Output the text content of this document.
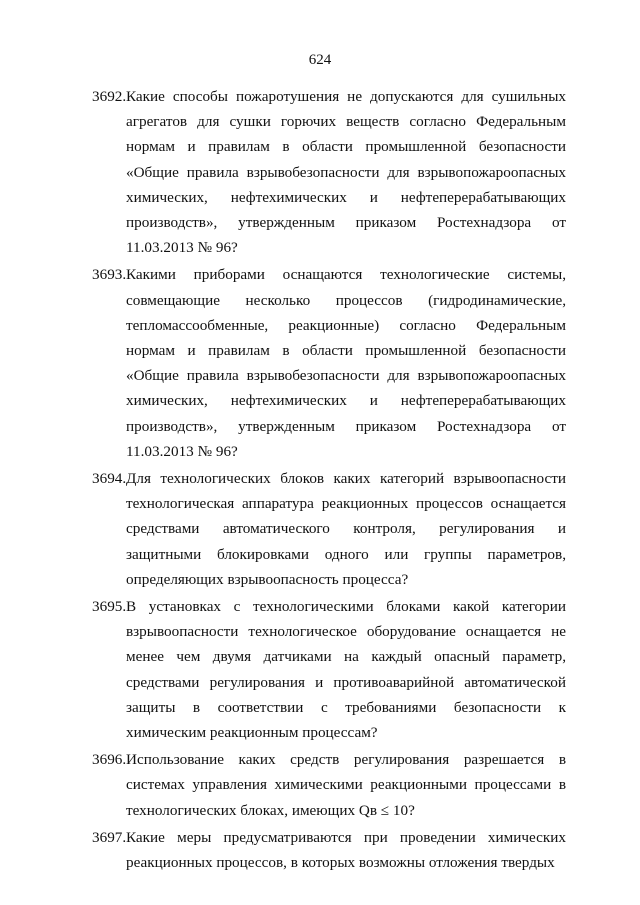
624
3692. Какие способы пожаротушения не допускаются для сушильных агрегатов для сушки горючих веществ согласно Федеральным нормам и правилам в области промышленной безопасности «Общие правила взрывобезопасности для взрывопожароопасных химических, нефтехимических и нефтеперерабатывающих производств», утвержденным приказом Ростехнадзора от 11.03.2013 № 96?
3693. Какими приборами оснащаются технологические системы, совмещающие несколько процессов (гидродинамические, тепломассообменные, реакционные) согласно Федеральным нормам и правилам в области промышленной безопасности «Общие правила взрывобезопасности для взрывопожароопасных химических, нефтехимических и нефтеперерабатывающих производств», утвержденным приказом Ростехнадзора от 11.03.2013 № 96?
3694. Для технологических блоков каких категорий взрывоопасности технологическая аппаратура реакционных процессов оснащается средствами автоматического контроля, регулирования и защитными блокировками одного или группы параметров, определяющих взрывоопасность процесса?
3695. В установках с технологическими блоками какой категории взрывоопасности технологическое оборудование оснащается не менее чем двумя датчиками на каждый опасный параметр, средствами регулирования и противоаварийной автоматической защиты в соответствии с требованиями безопасности к химическим реакционным процессам?
3696. Использование каких средств регулирования разрешается в системах управления химическими реакционными процессами в технологических блоках, имеющих Qв ≤ 10?
3697. Какие меры предусматриваются при проведении химических реакционных процессов, в которых возможны отложения твердых
